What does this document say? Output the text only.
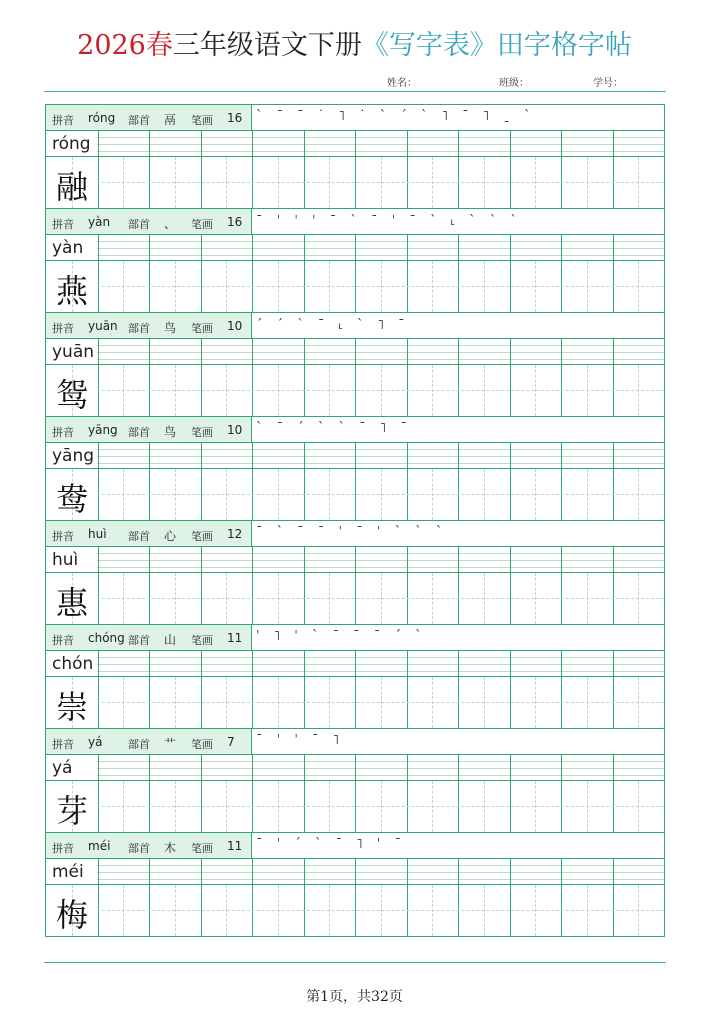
2026春三年级语文下册《写字表》田字格字帖
姓名：	班级：	学号：
拼音 róng 部首 鬲 笔画 16 ˋ ˉ ˉ ˙ ˥ ˙ ˋ ˊ ˋ ˥ ˉ ˥ ˍ ˋ
róng
融
拼音 yàn 部首 、 笔画 16 ˉ ˈ ˈ ˈ ˉ ˋ ˉ ˈ ˉ ˋ ˪ ˋ ˋ ˋ
yàn
燕
拼音 yuān 部首 鸟 笔画 10 ˊ ˊ ˋ ˉ ˪ ˋ ˥ ˉ
yuān
鸳
拼音 yāng 部首 鸟 笔画 10 ˋ ˉ ˊ ˋ ˋ ˉ ˥ ˉ
yāng
鸯
拼音 huì 部首 心 笔画 12 ˉ ˋ ˉ ˉ ˈ ˉ ˈ ˋ ˋ ˋ
huì
惠
拼音 chóng 部首 山 笔画 11 ˈ ˥ ˈ ˋ ˉ ˉ ˉ ˊ ˋ
chón
崇
拼音 yá 部首 艹 笔画 7 ˉ ˈ ˈ ˉ ˥
yá
芽
拼音 méi 部首 木 笔画 11 ˉ ˈ ˊ ˋ ˉ ˥ ˈ ˉ
méi
梅
第1页，共32页
